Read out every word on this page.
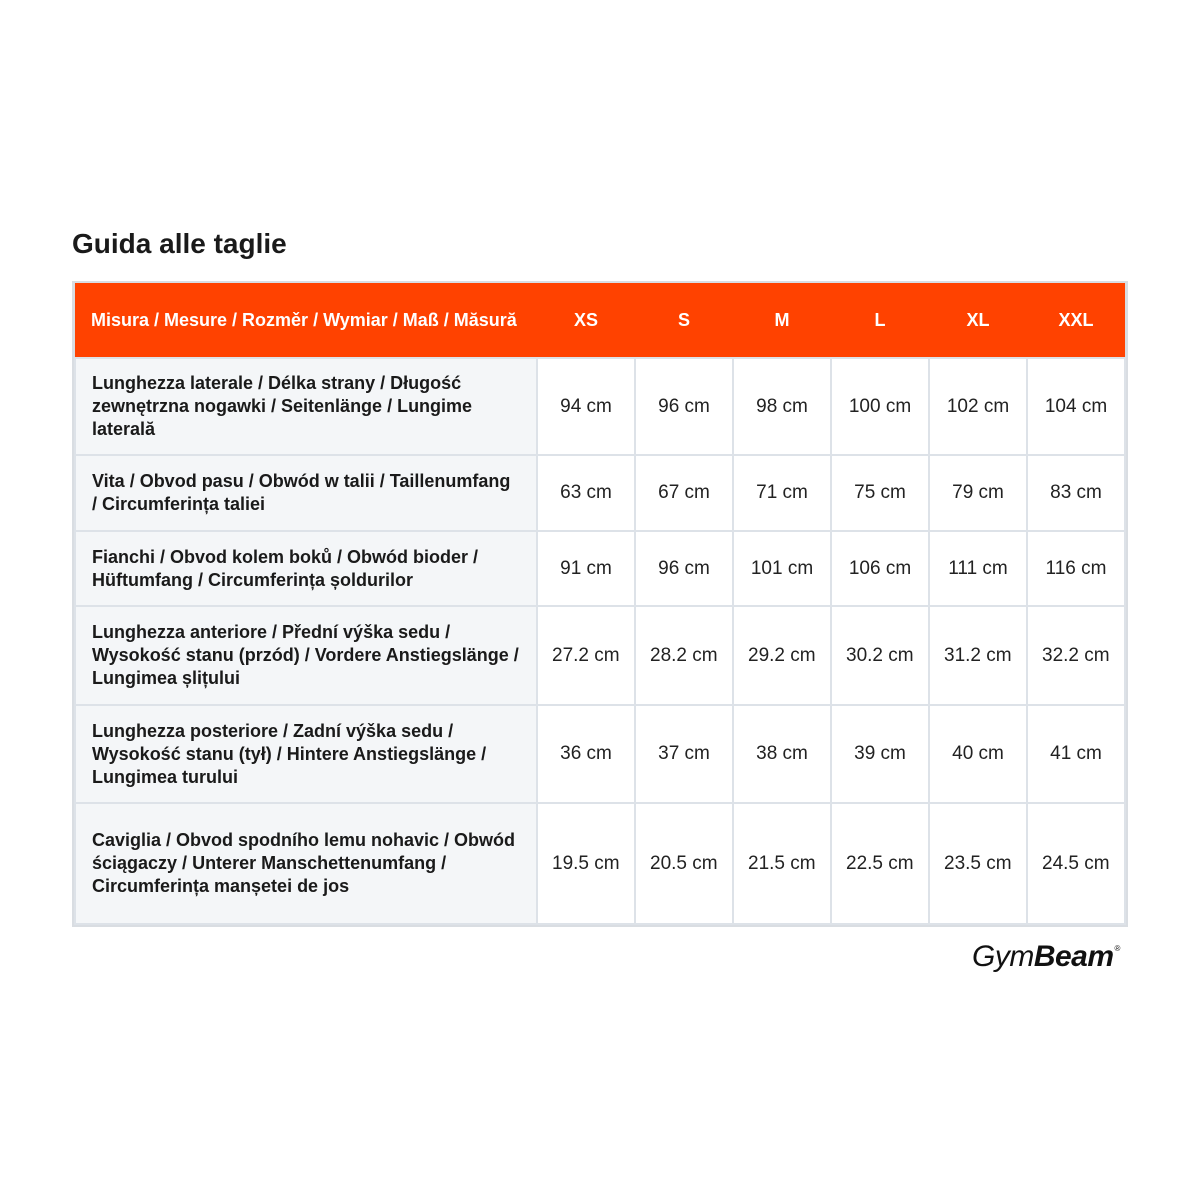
Guida alle taglie
Misura / Mesure / Rozměr / Wymiar / Maß / Măsură	XS	S	M	L	XL	XXL
Lunghezza laterale / Délka strany / Długość zewnętrzna nogawki / Seitenlänge / Lungime laterală	94 cm	96 cm	98 cm	100 cm	102 cm	104 cm
Vita / Obvod pasu / Obwód w talii / Taillenumfang / Circumferința taliei	63 cm	67 cm	71 cm	75 cm	79 cm	83 cm
Fianchi / Obvod kolem boků / Obwód bioder / Hüftumfang / Circumferința șoldurilor	91 cm	96 cm	101 cm	106 cm	111 cm	116 cm
Lunghezza anteriore / Přední výška sedu / Wysokość stanu (przód) / Vordere Anstiegslänge / Lungimea șlițului	27.2 cm	28.2 cm	29.2 cm	30.2 cm	31.2 cm	32.2 cm
Lunghezza posteriore / Zadní výška sedu / Wysokość stanu (tył) / Hintere Anstiegslänge / Lungimea turului	36 cm	37 cm	38 cm	39 cm	40 cm	41 cm
Caviglia / Obvod spodního lemu nohavic / Obwód ściągaczy / Unterer Manschettenumfang / Circumferința manșetei de jos	19.5 cm	20.5 cm	21.5 cm	22.5 cm	23.5 cm	24.5 cm
GymBeam®
